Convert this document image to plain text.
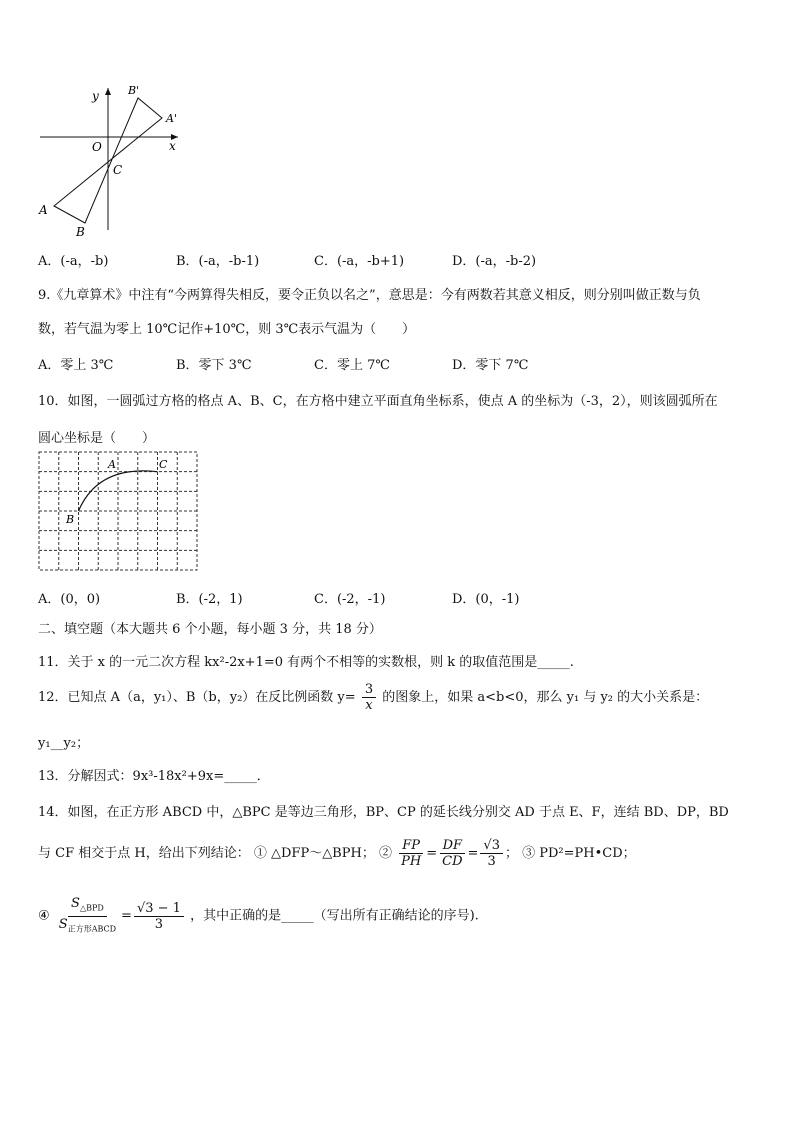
y
x
O
C
A
B
A'
B'
A．(-a，-b)	B．(-a，-b-1)	C．(-a，-b+1)	D．(-a，-b-2)
9.《九章算术》中注有“今两算得失相反，要令正负以名之”，意思是：今有两数若其意义相反，则分别叫做正数与负
数，若气温为零上 10℃记作+10℃，则 3℃表示气温为（　　）
A．零上 3℃	B．零下 3℃	C．零上 7℃	D．零下 7℃
10．如图，一圆弧过方格的格点 A、B、C，在方格中建立平面直角坐标系，使点 A 的坐标为（-3，2），则该圆弧所在
圆心坐标是（　　）
A
B
C
A．(0，0)	B．(-2，1)	C．(-2，-1)	D．(0，-1)
二、填空题（本大题共 6 个小题，每小题 3 分，共 18 分）
11．关于 x 的一元二次方程 kx²-2x+1=0 有两个不相等的实数根，则 k 的取值范围是_____.
12．已知点 A（a，y₁）、B（b，y₂）在反比例函数 $y= \frac{3}{x}$ 的图象上，如果 a<b<0，那么 y₁ 与 y₂ 的大小关系是：
y₁__y₂；
13．分解因式：9x³-18x²+9x=_____．
14．如图，在正方形 ABCD 中，△BPC 是等边三角形，BP、CP 的延长线分别交 AD 于点 E、F，连结 BD、DP，BD
与 CF 相交于点 H，给出下列结论： ① △DFP～△BPH； ② $\frac{FP}{PH} = \frac{DF}{CD} = \frac{√3}{3}$ ； ③ PD²=PH•CD；
④ $\frac{S_{\triangle BPD}}{S_{正方形ABCD}} = \frac{√3 - 1}{3}$ ，其中正确的是_____（写出所有正确结论的序号).
